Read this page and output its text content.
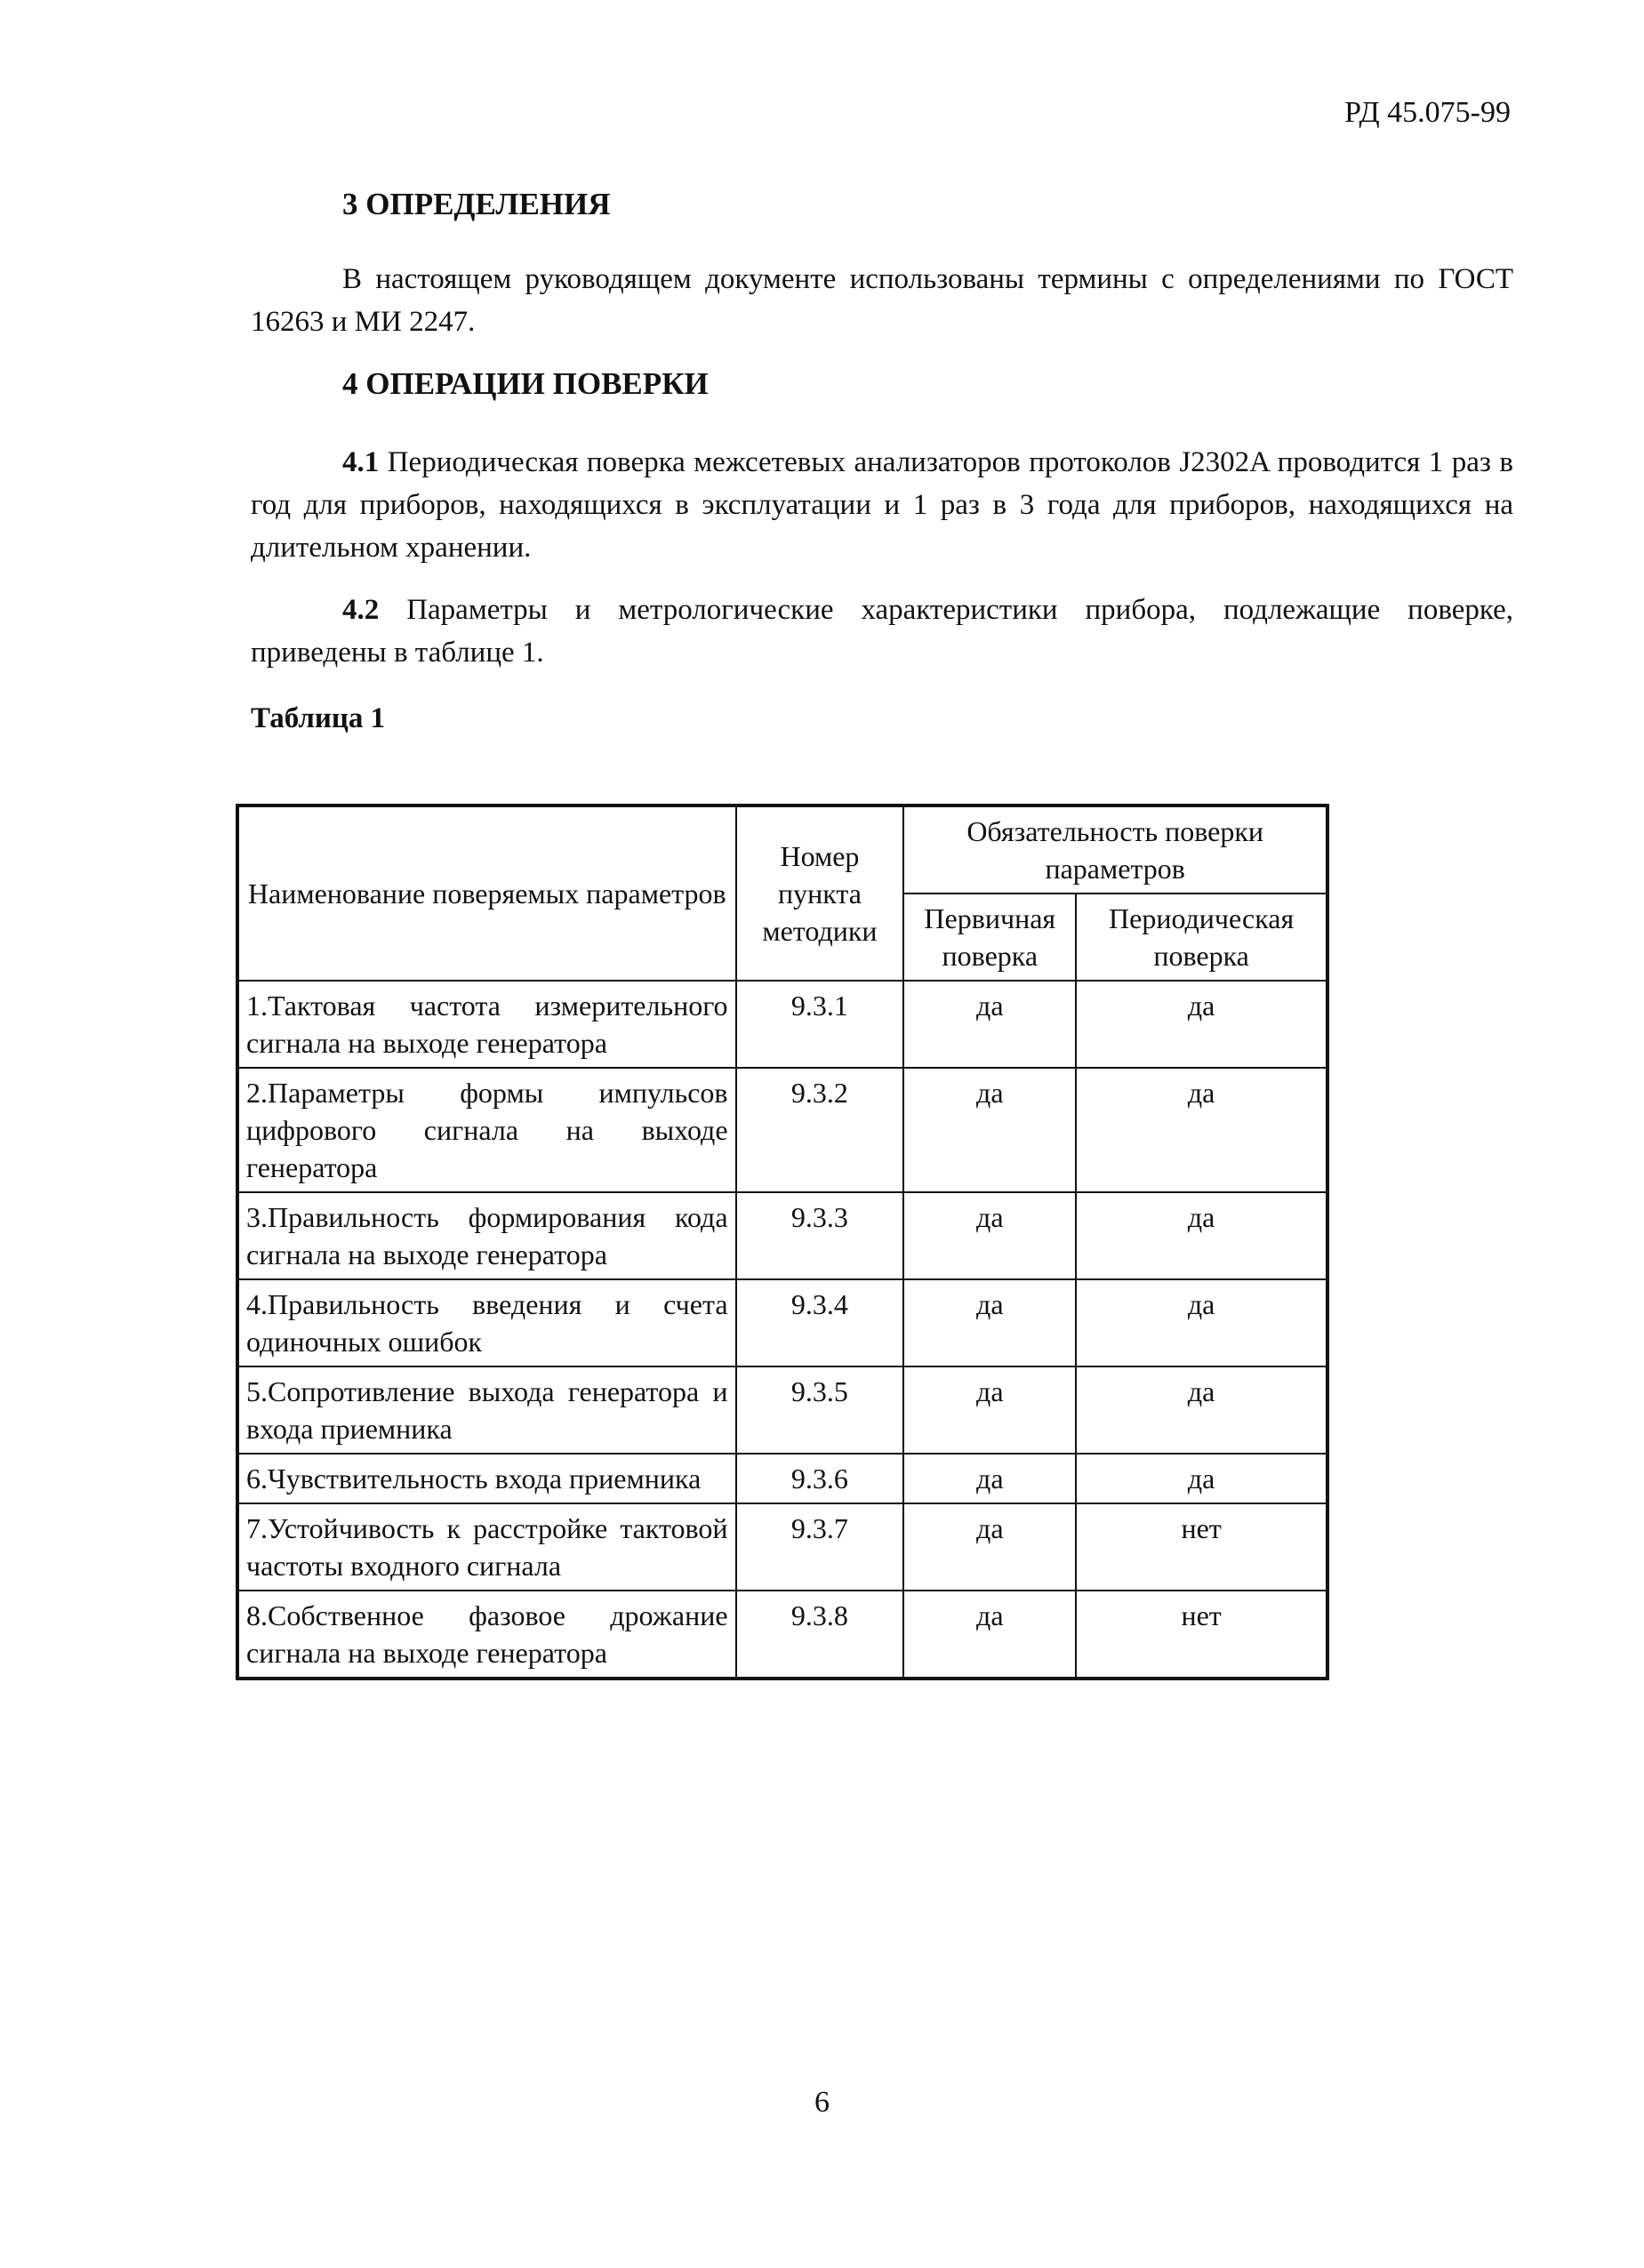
РД 45.075-99
3 ОПРЕДЕЛЕНИЯ
В настоящем руководящем документе использованы термины с определениями по ГОСТ 16263 и МИ 2247.
4 ОПЕРАЦИИ ПОВЕРКИ
4.1 Периодическая поверка межсетевых анализаторов протоколов J2302A проводится 1 раз в год для приборов, находящихся в эксплуатации и 1 раз в 3 года для приборов, находящихся на длительном хранении.
4.2 Параметры и метрологические характеристики прибора, подлежащие поверке, приведены в таблице 1.
Таблица 1
Наименование поверяемых параметров	Номер пункта методики	Обязательность поверки параметров	
		Первичная поверка	Периодическая поверка
1.Тактовая частота измерительного сигнала на выходе генератора	9.3.1	да	да
2.Параметры формы импульсов цифрового сигнала на выходе генератора	9.3.2	да	да
3.Правильность формирования кода сигнала на выходе генератора	9.3.3	да	да
4.Правильность введения и счета одиночных ошибок	9.3.4	да	да
5.Сопротивление выхода генератора и входа приемника	9.3.5	да	да
6.Чувствительность входа приемника	9.3.6	да	да
7.Устойчивость к расстройке тактовой частоты входного сигнала	9.3.7	да	нет
8.Собственное фазовое дрожание сигнала на выходе генератора	9.3.8	да	нет
6
